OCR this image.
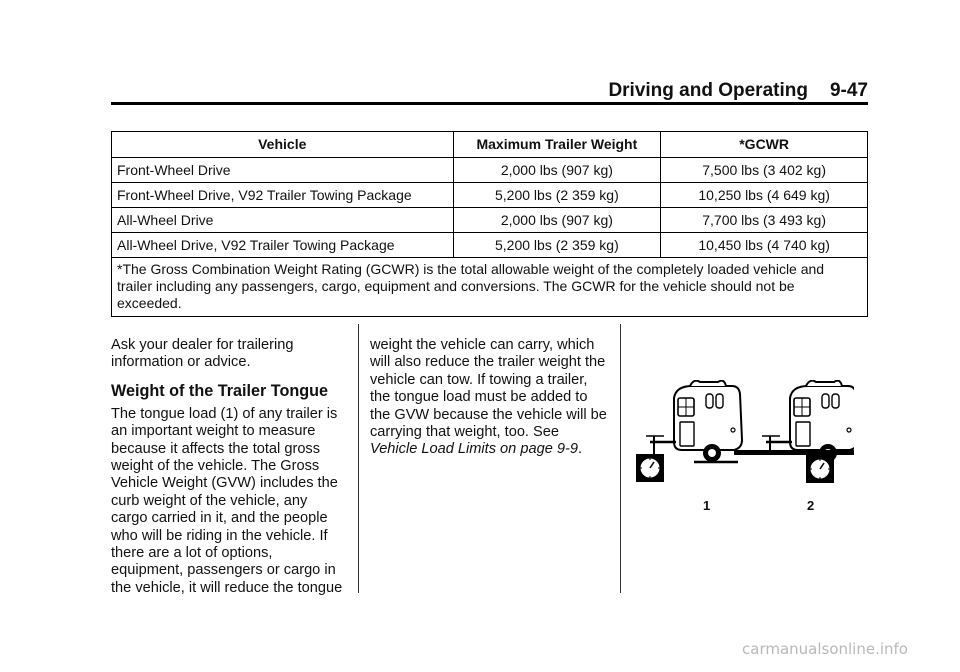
Driving and Operating 9-47
Vehicle	Maximum Trailer Weight	*GCWR
Front-Wheel Drive	2,000 lbs (907 kg)	7,500 lbs (3 402 kg)
Front-Wheel Drive, V92 Trailer Towing Package	5,200 lbs (2 359 kg)	10,250 lbs (4 649 kg)
All-Wheel Drive	2,000 lbs (907 kg)	7,700 lbs (3 493 kg)
All-Wheel Drive, V92 Trailer Towing Package	5,200 lbs (2 359 kg)	10,450 lbs (4 740 kg)
*The Gross Combination Weight Rating (GCWR) is the total allowable weight of the completely loaded vehicle and trailer including any passengers, cargo, equipment and conversions. The GCWR for the vehicle should not be exceeded.		

Ask your dealer for trailering information or advice.

Weight of the Trailer Tongue

The tongue load (1) of any trailer is an important weight to measure because it affects the total gross weight of the vehicle. The Gross Vehicle Weight (GVW) includes the curb weight of the vehicle, any cargo carried in it, and the people who will be riding in the vehicle. If there are a lot of options, equipment, passengers or cargo in the vehicle, it will reduce the tongue

weight the vehicle can carry, which will also reduce the trailer weight the vehicle can tow. If towing a trailer, the tongue load must be added to the GVW because the vehicle will be carrying that weight, too. See Vehicle Load Limits on page 9-9.

1	2
carmanualsonline.info
